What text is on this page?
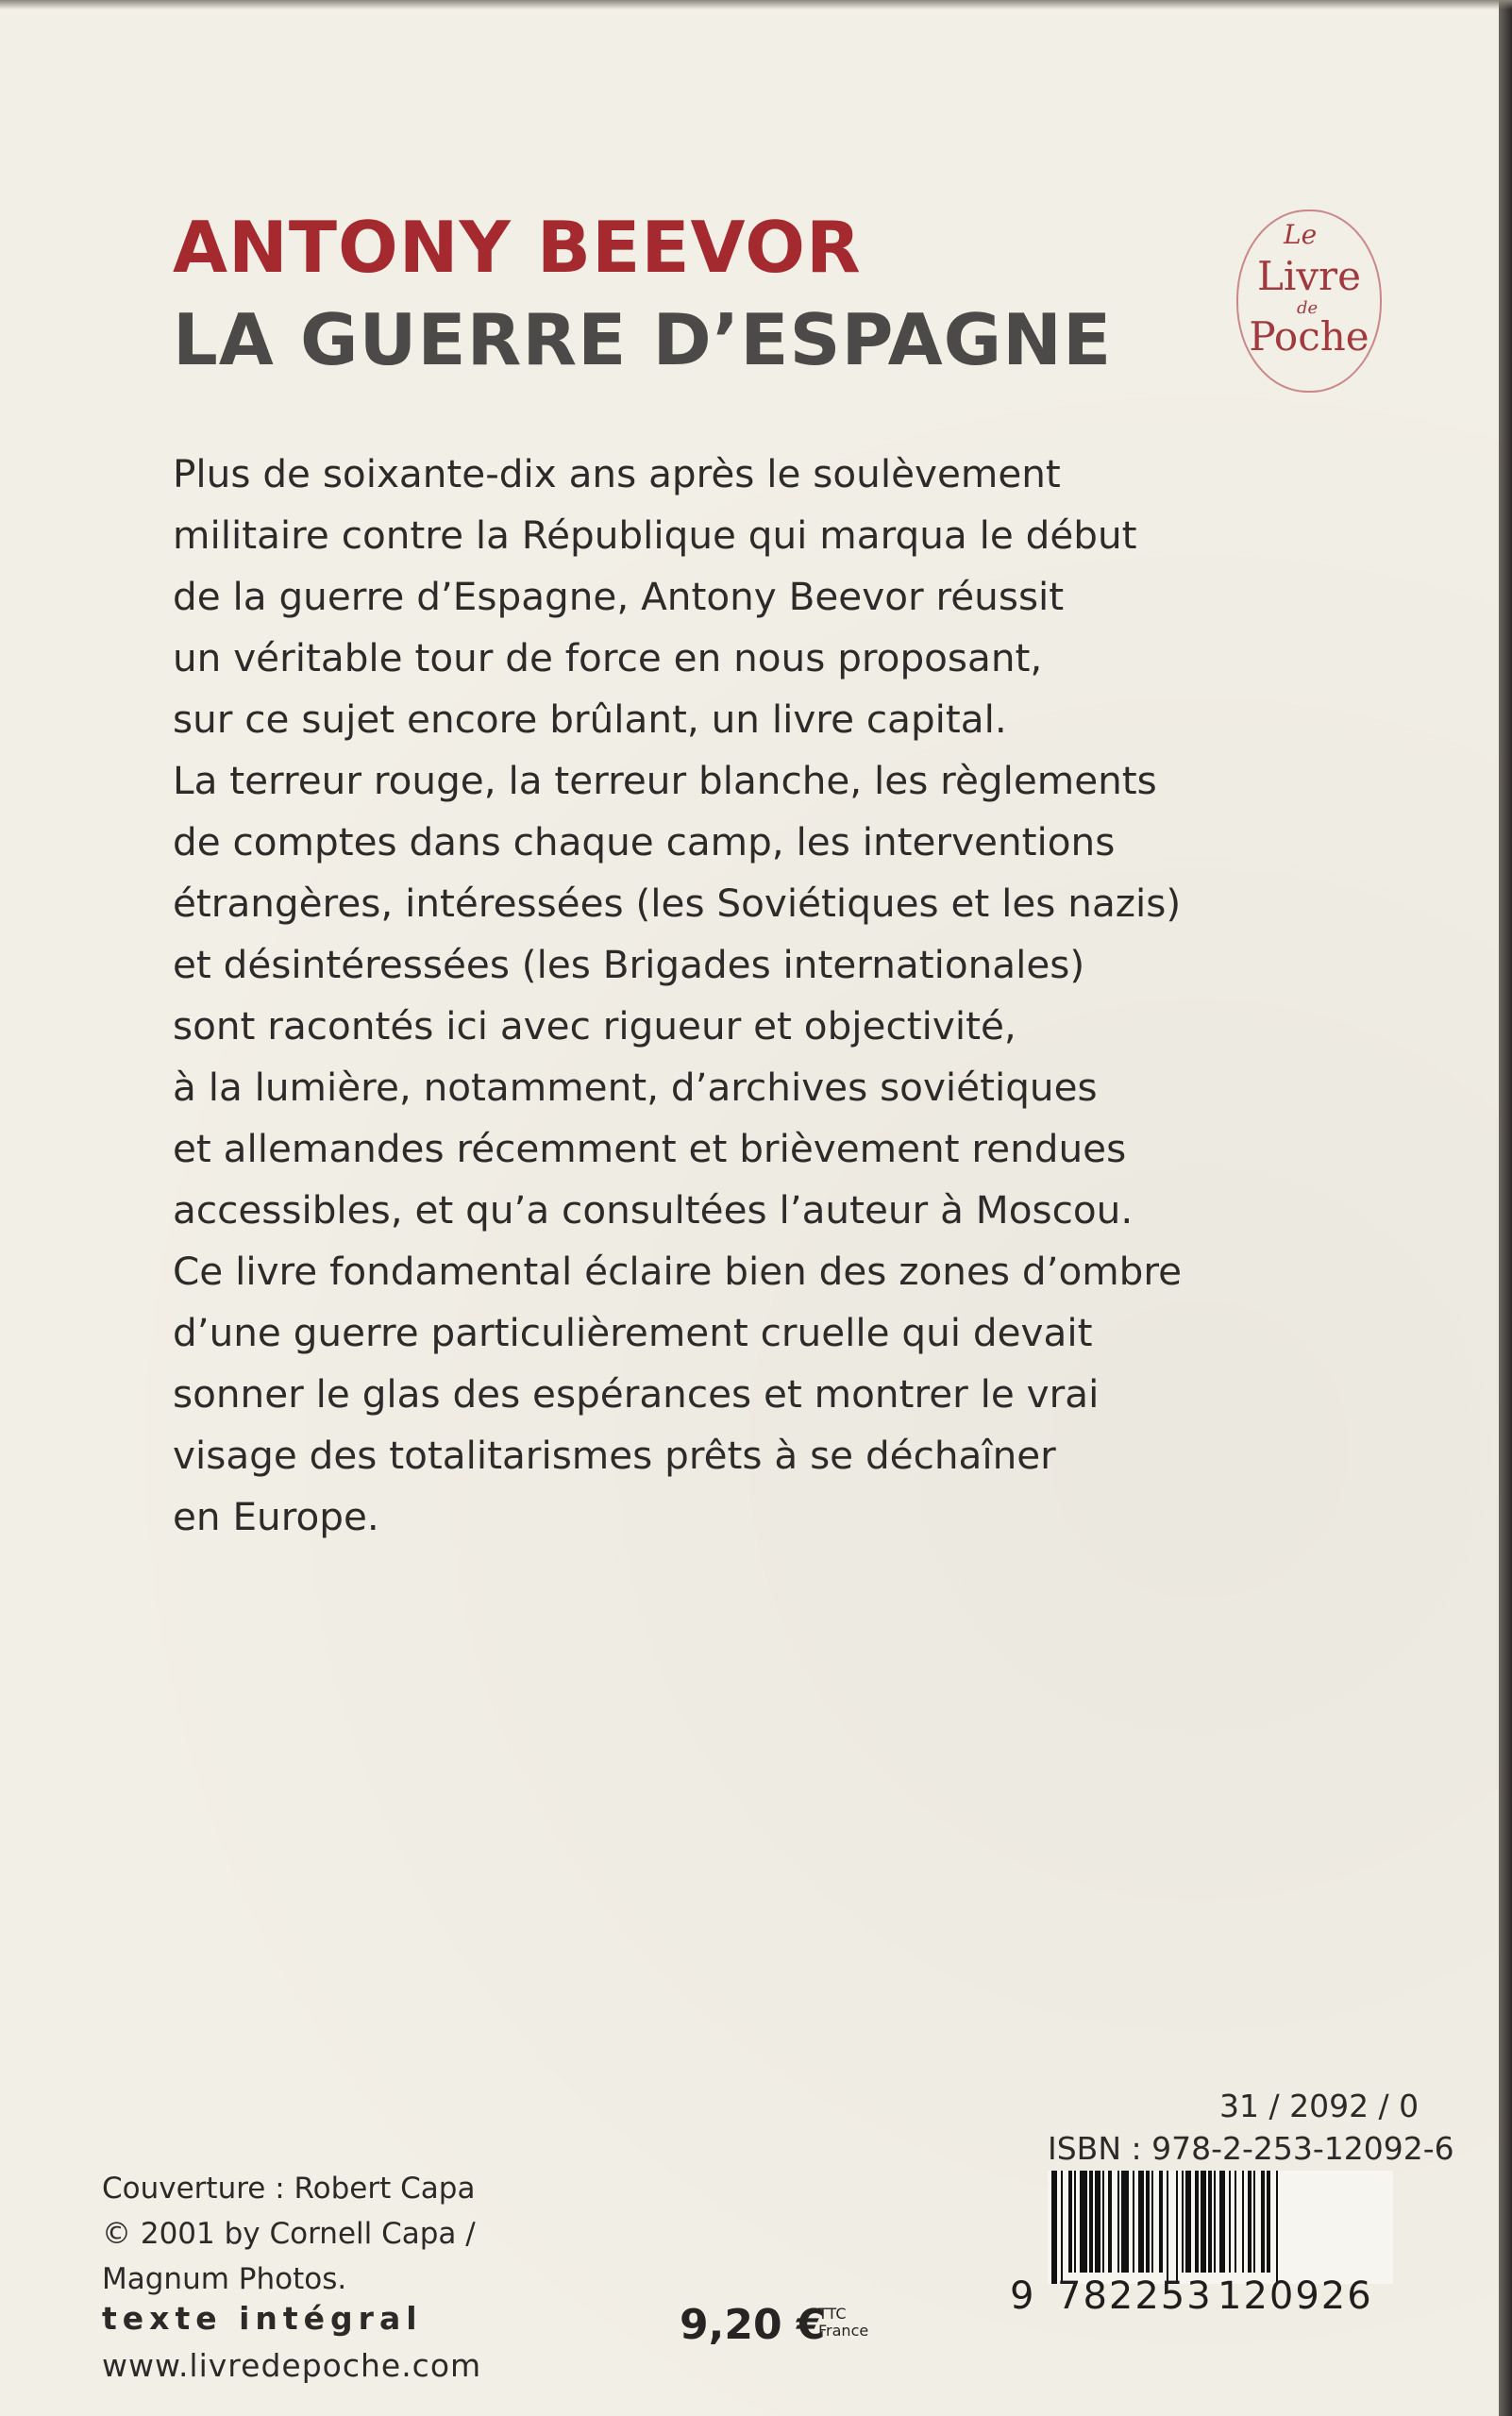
ANTONY BEEVOR
LA GUERRE D’ESPAGNE
Le
Livre
de
Poche
Plus de soixante-dix ans après le soulèvement
militaire contre la République qui marqua le début
de la guerre d’Espagne, Antony Beevor réussit
un véritable tour de force en nous proposant,
sur ce sujet encore brûlant, un livre capital.
La terreur rouge, la terreur blanche, les règlements
de comptes dans chaque camp, les interventions
étrangères, intéressées (les Soviétiques et les nazis)
et désintéressées (les Brigades internationales)
sont racontés ici avec rigueur et objectivité,
à la lumière, notamment, d’archives soviétiques
et allemandes récemment et brièvement rendues
accessibles, et qu’a consultées l’auteur à Moscou.
Ce livre fondamental éclaire bien des zones d’ombre
d’une guerre particulièrement cruelle qui devait
sonner le glas des espérances et montrer le vrai
visage des totalitarismes prêts à se déchaîner
en Europe.
Couverture : Robert Capa
© 2001 by Cornell Capa /
Magnum Photos.
texte intégral
www.livredepoche.com
9,20 €
TTC
France
31 / 2092 / 0
ISBN : 978-2-253-12092-6
9 782253 120926
